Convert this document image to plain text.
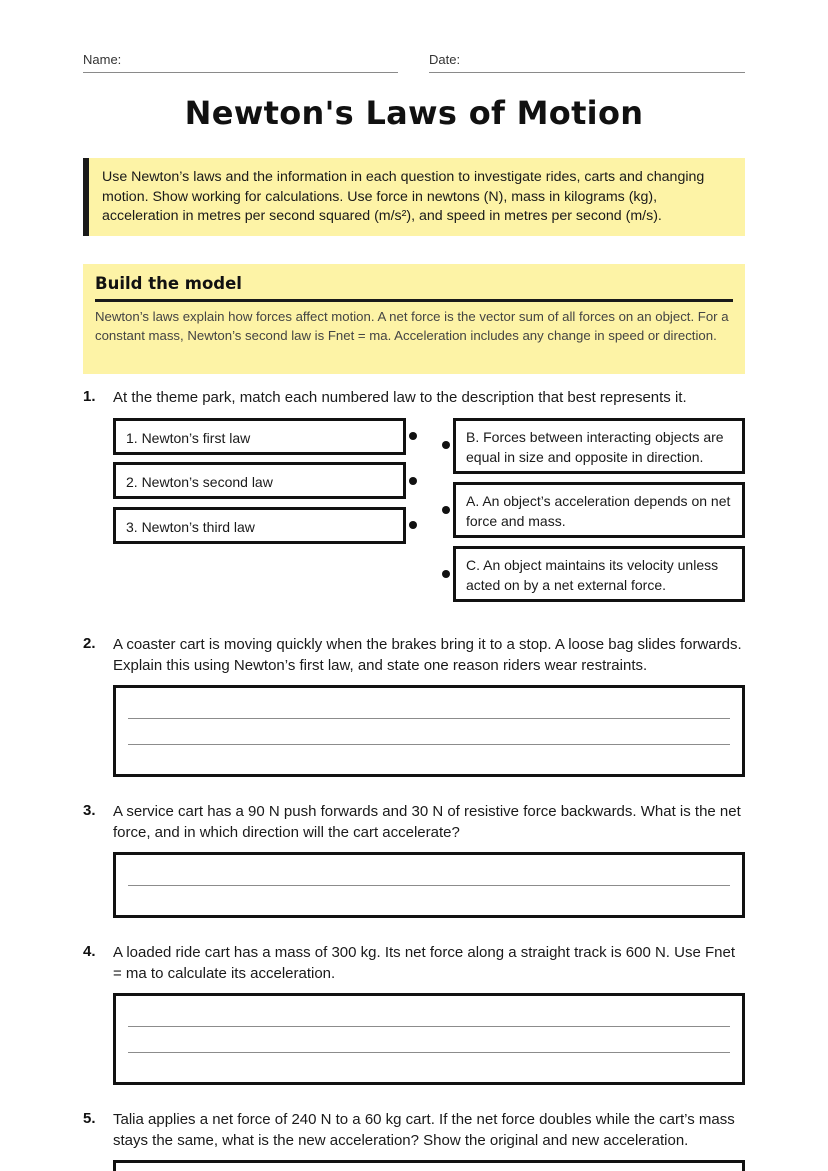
Name:	Date:
Newton's Laws of Motion
Use Newton’s laws and the information in each question to investigate rides, carts and changing motion. Show working for calculations. Use force in newtons (N), mass in kilograms (kg), acceleration in metres per second squared (m/s²), and speed in metres per second (m/s).
Build the model
Newton’s laws explain how forces affect motion. A net force is the vector sum of all forces on an object. For a constant mass, Newton’s second law is Fnet = ma. Acceleration includes any change in speed or direction.
1. At the theme park, match each numbered law to the description that best represents it.
1. Newton’s first law
2. Newton’s second law
3. Newton’s third law
B. Forces between interacting objects are equal in size and opposite in direction.
A. An object’s acceleration depends on net force and mass.
C. An object maintains its velocity unless acted on by a net external force.
2. A coaster cart is moving quickly when the brakes bring it to a stop. A loose bag slides forwards. Explain this using Newton’s first law, and state one reason riders wear restraints.
3. A service cart has a 90 N push forwards and 30 N of resistive force backwards. What is the net force, and in which direction will the cart accelerate?
4. A loaded ride cart has a mass of 300 kg. Its net force along a straight track is 600 N. Use Fnet = ma to calculate its acceleration.
5. Talia applies a net force of 240 N to a 60 kg cart. If the net force doubles while the cart’s mass stays the same, what is the new acceleration? Show the original and new acceleration.
